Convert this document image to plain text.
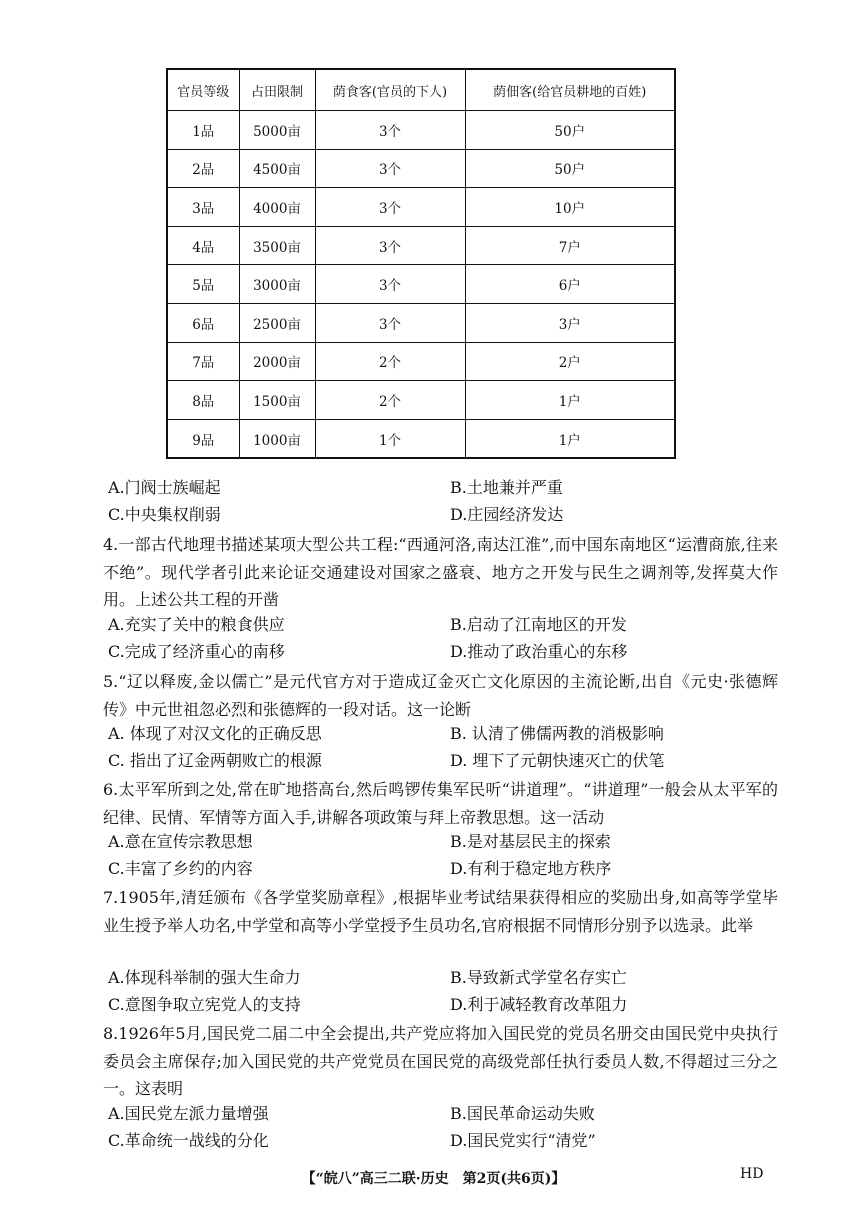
官员等级	占田限制	荫食客(官员的下人)	荫佃客(给官员耕地的百姓)
1品	5000亩	3个	50户
2品	4500亩	3个	50户
3品	4000亩	3个	10户
4品	3500亩	3个	7户
5品	3000亩	3个	6户
6品	2500亩	3个	3户
7品	2000亩	2个	2户
8品	1500亩	2个	1户
9品	1000亩	1个	1户
A.门阀士族崛起	B.土地兼并严重
C.中央集权削弱	D.庄园经济发达
4.一部古代地理书描述某项大型公共工程:“西通河洛,南达江淮”,而中国东南地区“运漕商旅,往来不绝”。现代学者引此来论证交通建设对国家之盛衰、地方之开发与民生之调剂等,发挥莫大作用。上述公共工程的开凿
A.充实了关中的粮食供应	B.启动了江南地区的开发
C.完成了经济重心的南移	D.推动了政治重心的东移
5.“辽以释废,金以儒亡”是元代官方对于造成辽金灭亡文化原因的主流论断,出自《元史·张德辉传》中元世祖忽必烈和张德辉的一段对话。这一论断
A. 体现了对汉文化的正确反思	B. 认清了佛儒两教的消极影响
C. 指出了辽金两朝败亡的根源	D. 埋下了元朝快速灭亡的伏笔
6.太平军所到之处,常在旷地搭高台,然后鸣锣传集军民听“讲道理”。“讲道理”一般会从太平军的纪律、民情、军情等方面入手,讲解各项政策与拜上帝教思想。这一活动
A.意在宣传宗教思想	B.是对基层民主的探索
C.丰富了乡约的内容	D.有利于稳定地方秩序
7.1905年,清廷颁布《各学堂奖励章程》,根据毕业考试结果获得相应的奖励出身,如高等学堂毕业生授予举人功名,中学堂和高等小学堂授予生员功名,官府根据不同情形分别予以选录。此举
A.体现科举制的强大生命力	B.导致新式学堂名存实亡
C.意图争取立宪党人的支持	D.利于减轻教育改革阻力
8.1926年5月,国民党二届二中全会提出,共产党应将加入国民党的党员名册交由国民党中央执行委员会主席保存;加入国民党的共产党党员在国民党的高级党部任执行委员人数,不得超过三分之一。这表明
A.国民党左派力量增强	B.国民革命运动失败
C.革命统一战线的分化	D.国民党实行“清党”
【“皖八”高三二联·历史　第2页(共6页)】	HD
